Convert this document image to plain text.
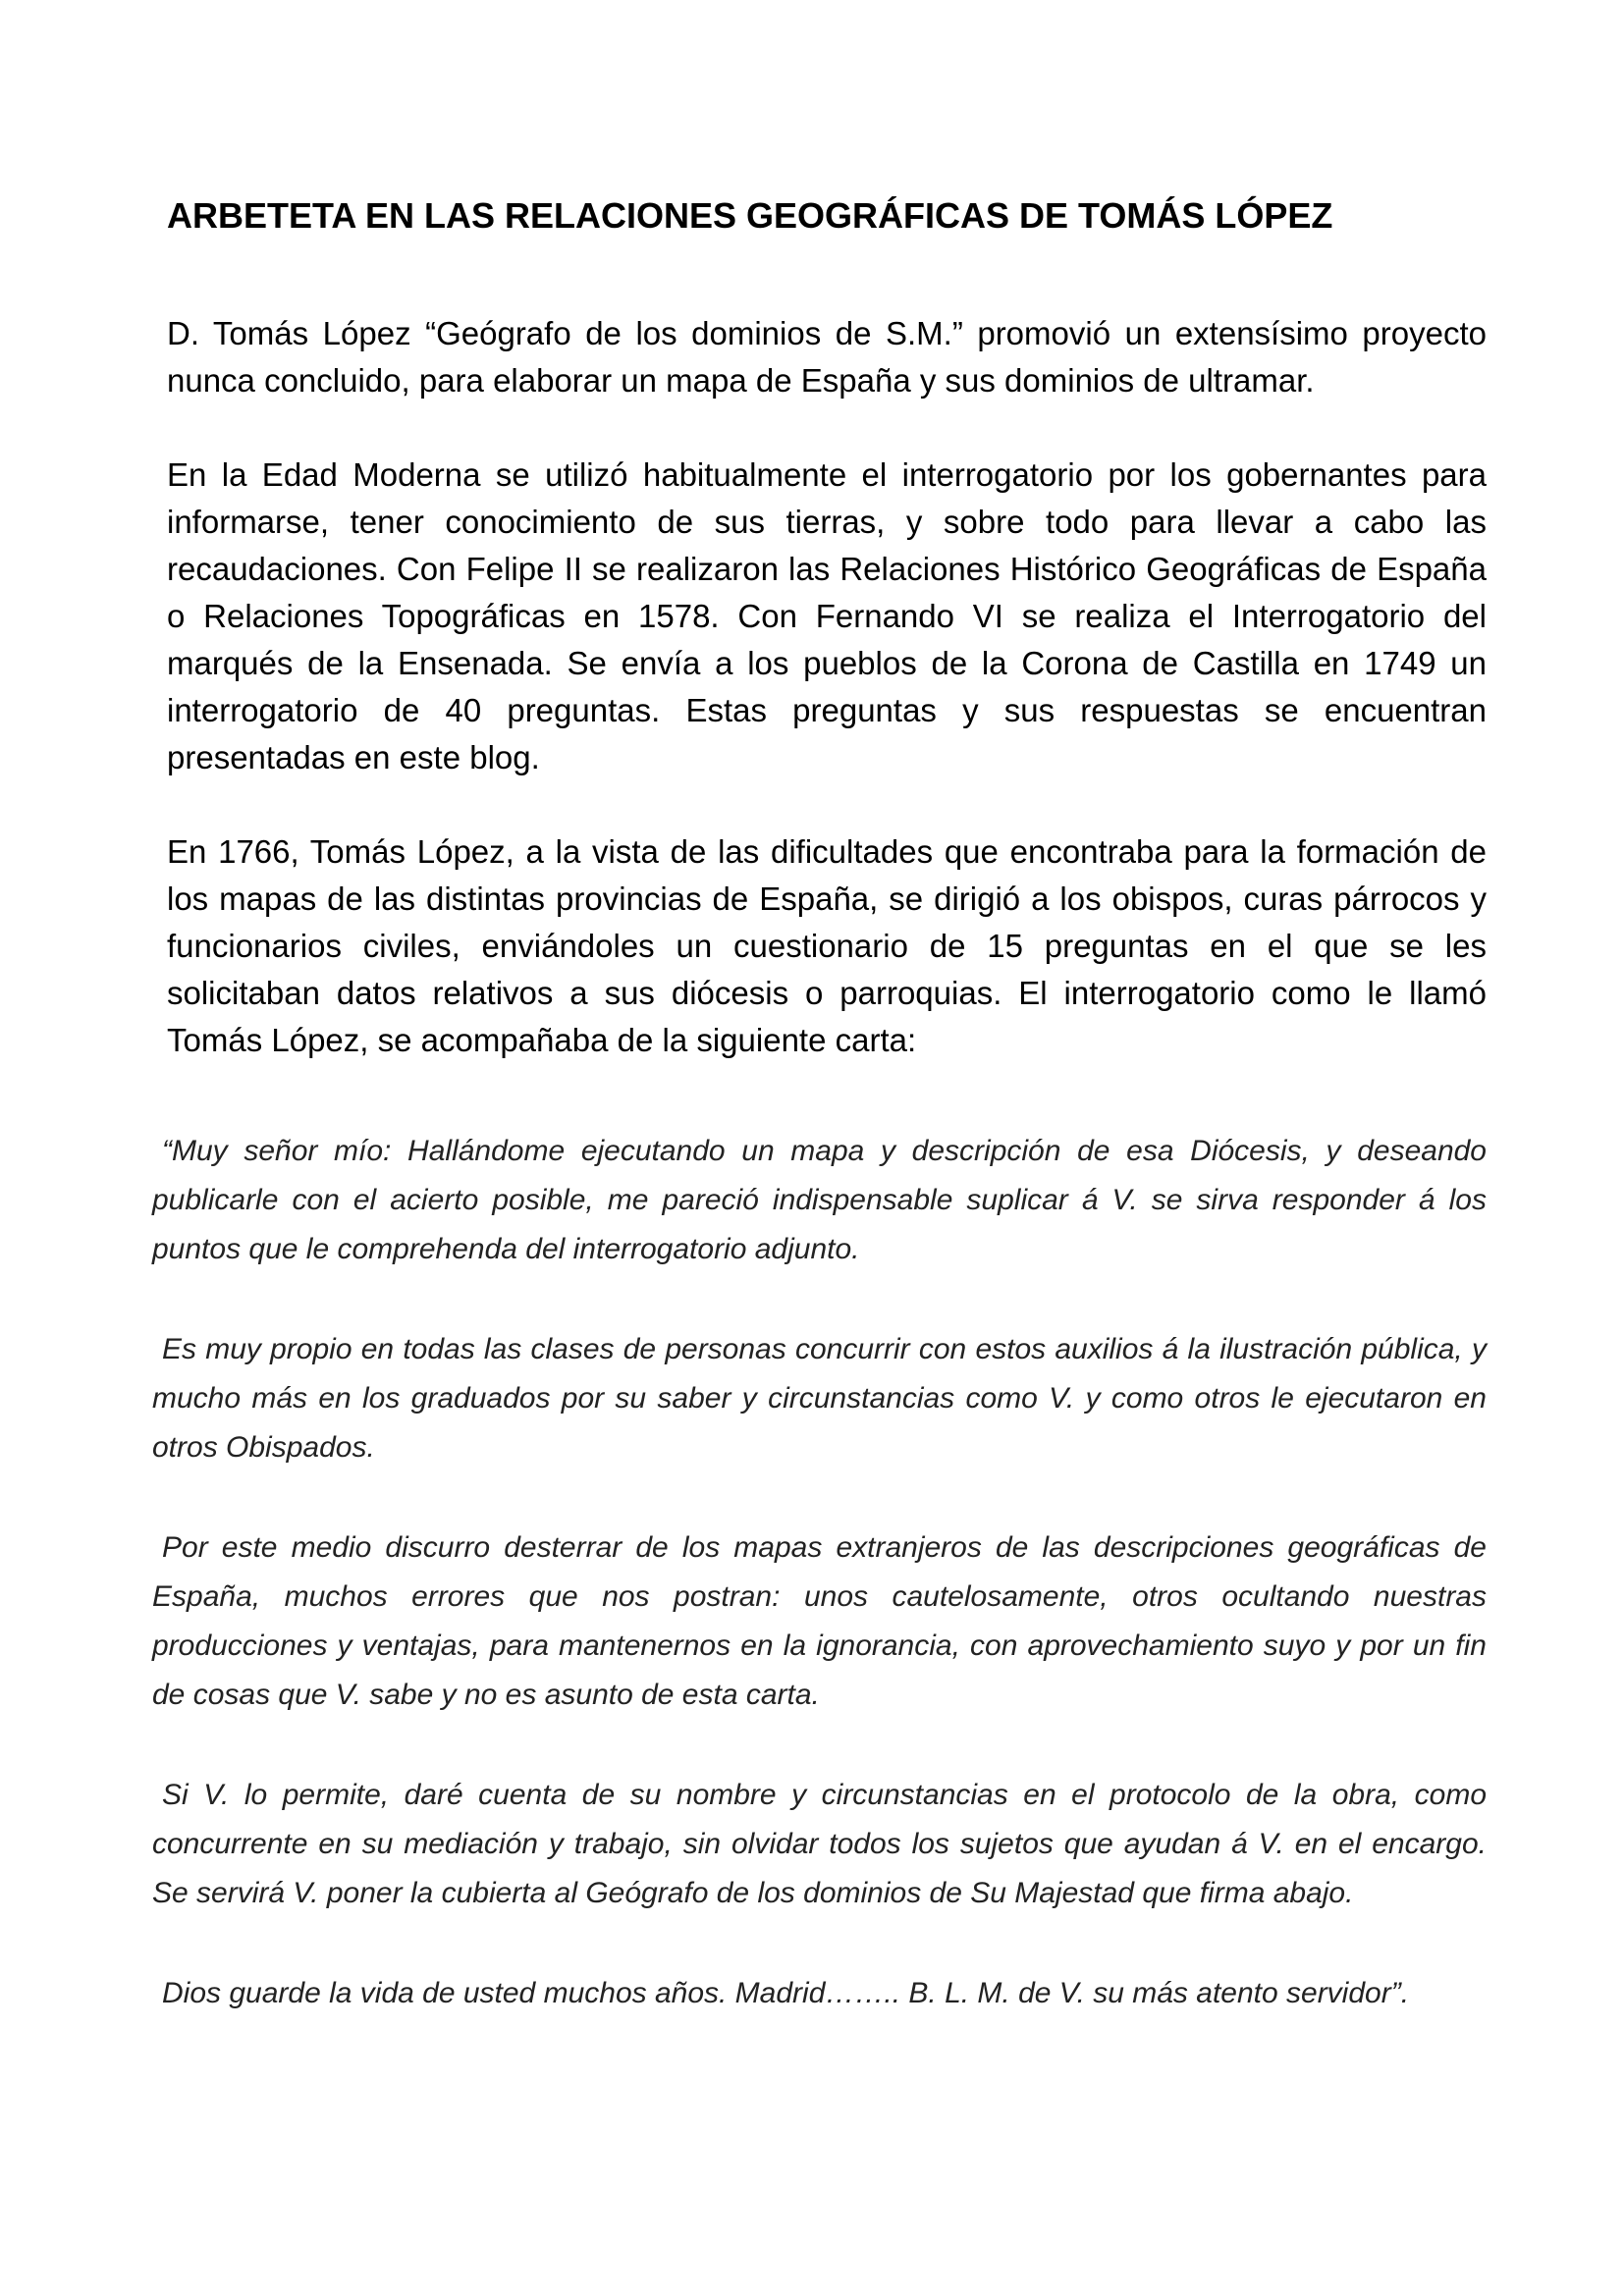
ARBETETA EN LAS RELACIONES GEOGRÁFICAS DE TOMÁS LÓPEZ

D. Tomás López “Geógrafo de los dominios de S.M.” promovió un extensísimo proyecto nunca concluido, para elaborar un mapa de España y sus dominios de ultramar.

En la Edad Moderna se utilizó habitualmente el interrogatorio por los gobernantes para informarse, tener conocimiento de sus tierras, y sobre todo para llevar a cabo las recaudaciones. Con Felipe II se realizaron las Relaciones Histórico Geográficas de España o Relaciones Topográficas en 1578. Con Fernando VI se realiza el Interrogatorio del marqués de la Ensenada. Se envía a los pueblos de la Corona de Castilla en 1749 un interrogatorio de 40 preguntas. Estas preguntas y sus respuestas se encuentran presentadas en este blog.

En 1766, Tomás López, a la vista de las dificultades que encontraba para la formación de los mapas de las distintas provincias de España, se dirigió a los obispos, curas párrocos y funcionarios civiles, enviándoles un cuestionario de 15 preguntas en el que se les solicitaban datos relativos a sus diócesis o parroquias. El interrogatorio como le llamó Tomás López, se acompañaba de la siguiente carta:

“Muy señor mío: Hallándome ejecutando un mapa y descripción de esa Diócesis, y deseando publicarle con el acierto posible, me pareció indispensable suplicar á V. se sirva responder á los puntos que le comprehenda del interrogatorio adjunto.

Es muy propio en todas las clases de personas concurrir con estos auxilios á la ilustración pública, y mucho más en los graduados por su saber y circunstancias como V. y como otros le ejecutaron en otros Obispados.

Por este medio discurro desterrar de los mapas extranjeros de las descripciones geográficas de España, muchos errores que nos postran: unos cautelosamente, otros ocultando nuestras producciones y ventajas, para mantenernos en la ignorancia, con aprovechamiento suyo y por un fin de cosas que V. sabe y no es asunto de esta carta.

Si V. lo permite, daré cuenta de su nombre y circunstancias en el protocolo de la obra, como concurrente en su mediación y trabajo, sin olvidar todos los sujetos que ayudan á V. en el encargo. Se servirá V. poner la cubierta al Geógrafo de los dominios de Su Majestad que firma abajo.

Dios guarde la vida de usted muchos años. Madrid…….. B. L. M. de V. su más atento servidor”.
